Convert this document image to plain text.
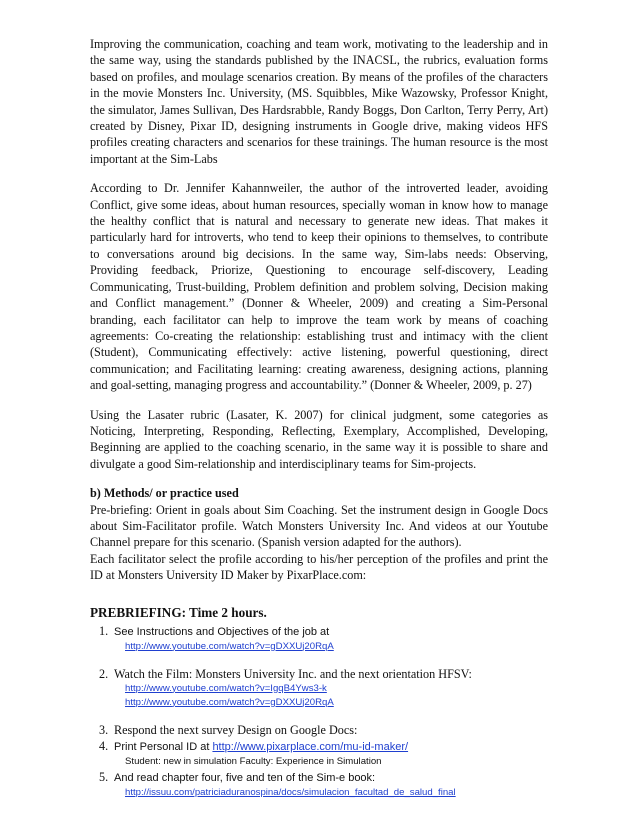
Improving the communication, coaching and team work, motivating to the leadership and in the same way, using the standards published by the INACSL, the rubrics, evaluation forms based on profiles, and moulage scenarios creation. By means of the profiles of the characters in the movie Monsters Inc. University, (MS. Squibbles, Mike Wazowsky, Professor Knight, the simulator, James Sullivan, Des Hardsrabble, Randy Boggs, Don Carlton, Terry Perry, Art) created by Disney, Pixar ID, designing instruments in Google drive, making videos HFS profiles creating characters and scenarios for these trainings. The human resource is the most important at the Sim-Labs

According to Dr. Jennifer Kahannweiler, the author of the introverted leader, avoiding Conflict, give some ideas, about human resources, specially woman in know how to manage the healthy conflict that is natural and necessary to generate new ideas. That makes it particularly hard for introverts, who tend to keep their opinions to themselves, to contribute to conversations around big decisions. In the same way, Sim-labs needs: Observing, Providing feedback, Priorize, Questioning to encourage self-discovery, Leading Communicating, Trust-building, Problem definition and problem solving, Decision making and Conflict management.” (Donner & Wheeler, 2009) and creating a Sim-Personal branding, each facilitator can help to improve the team work by means of coaching agreements: Co-creating the relationship: establishing trust and intimacy with the client (Student), Communicating effectively: active listening, powerful questioning, direct communication; and Facilitating learning: creating awareness, designing actions, planning and goal-setting, managing progress and accountability.” (Donner & Wheeler, 2009, p. 27)

Using the Lasater rubric (Lasater, K. 2007) for clinical judgment, some categories as Noticing, Interpreting, Responding, Reflecting, Exemplary, Accomplished, Developing, Beginning are applied to the coaching scenario, in the same way it is possible to share and divulgate a good Sim-relationship and interdisciplinary teams for Sim-projects.

b) Methods/ or practice used

Pre-briefing: Orient in goals about Sim Coaching. Set the instrument design in Google Docs about Sim-Facilitator profile. Watch Monsters University Inc. And videos at our Youtube Channel prepare for this scenario. (Spanish version adapted for the authors).

Each facilitator select the profile according to his/her perception of the profiles and print the ID at Monsters University ID Maker by PixarPlace.com:

PREBRIEFING: Time 2 hours.

1. See Instructions and Objectives of the job at
http://www.youtube.com/watch?v=gDXXUj20RqA
2. Watch the Film: Monsters University Inc. and the next orientation HFSV:
http://www.youtube.com/watch?v=IgqB4Yws3-k
http://www.youtube.com/watch?v=gDXXUj20RqA
3. Respond the next survey Design on Google Docs:
4. Print Personal ID at http://www.pixarplace.com/mu-id-maker/
Student: new in simulation Faculty: Experience in Simulation
5. And read chapter four, five and ten of the Sim-e book:
http://issuu.com/patriciaduranospina/docs/simulacion_facultad_de_salud_final
